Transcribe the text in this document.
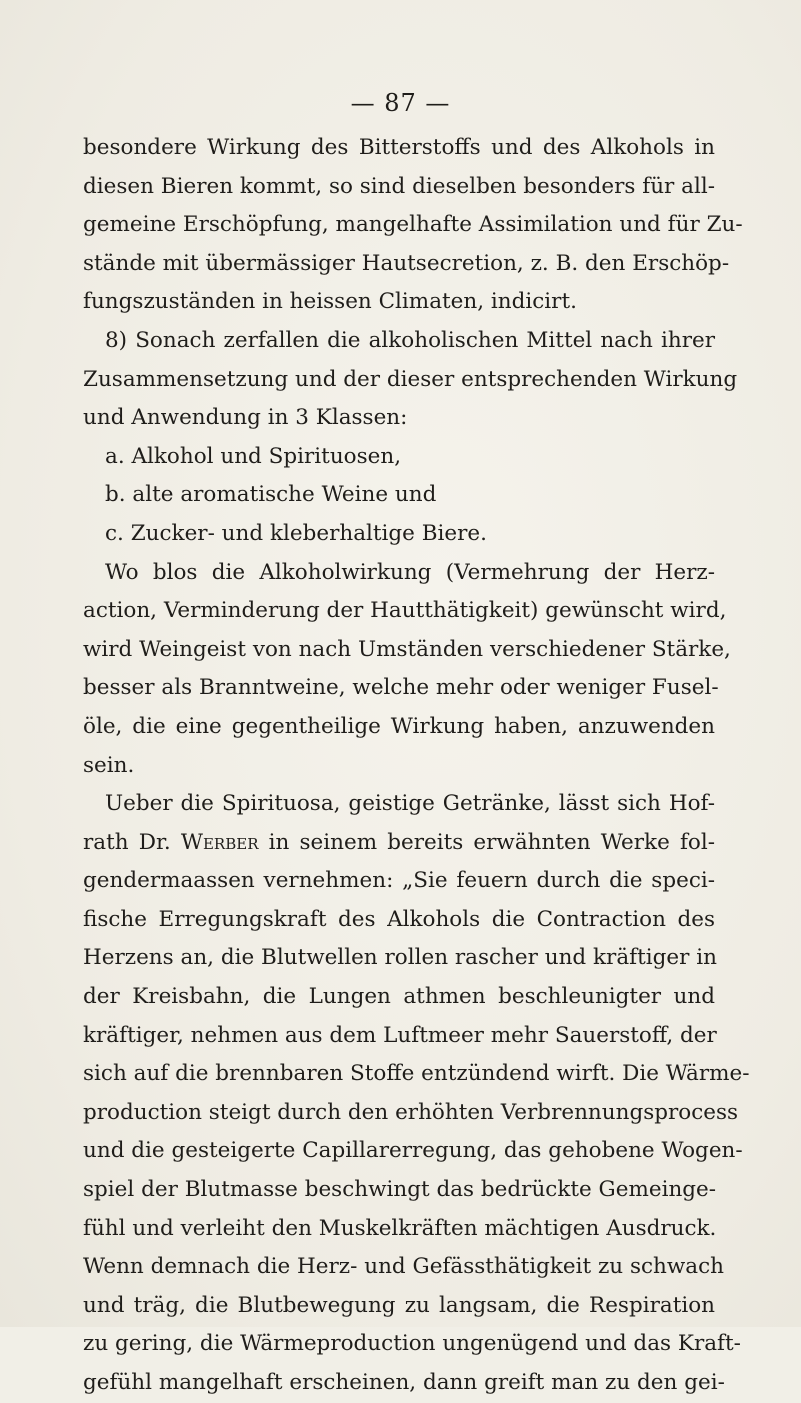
— 87 —
besondere Wirkung des Bitterstoffs und des Alkohols in
diesen Bieren kommt, so sind dieselben besonders für all-
gemeine Erschöpfung, mangelhafte Assimilation und für Zu-
stände mit übermässiger Hautsecretion, z. B. den Erschöp-
fungszuständen in heissen Climaten, indicirt.
8) Sonach zerfallen die alkoholischen Mittel nach ihrer
Zusammensetzung und der dieser entsprechenden Wirkung
und Anwendung in 3 Klassen:
a. Alkohol und Spirituosen,
b. alte aromatische Weine und
c. Zucker- und kleberhaltige Biere.
Wo blos die Alkoholwirkung (Vermehrung der Herz-
action, Verminderung der Hautthätigkeit) gewünscht wird,
wird Weingeist von nach Umständen verschiedener Stärke,
besser als Branntweine, welche mehr oder weniger Fusel-
öle, die eine gegentheilige Wirkung haben, anzuwenden
sein.
Ueber die Spirituosa, geistige Getränke, lässt sich Hof-
rath Dr. Werber in seinem bereits erwähnten Werke fol-
gendermaassen vernehmen: „Sie feuern durch die speci-
fische Erregungskraft des Alkohols die Contraction des
Herzens an, die Blutwellen rollen rascher und kräftiger in
der Kreisbahn, die Lungen athmen beschleunigter und
kräftiger, nehmen aus dem Luftmeer mehr Sauerstoff, der
sich auf die brennbaren Stoffe entzündend wirft. Die Wärme-
production steigt durch den erhöhten Verbrennungsprocess
und die gesteigerte Capillarerregung, das gehobene Wogen-
spiel der Blutmasse beschwingt das bedrückte Gemeinge-
fühl und verleiht den Muskelkräften mächtigen Ausdruck.
Wenn demnach die Herz- und Gefässthätigkeit zu schwach
und träg, die Blutbewegung zu langsam, die Respiration
zu gering, die Wärmeproduction ungenügend und das Kraft-
gefühl mangelhaft erscheinen, dann greift man zu den gei-
